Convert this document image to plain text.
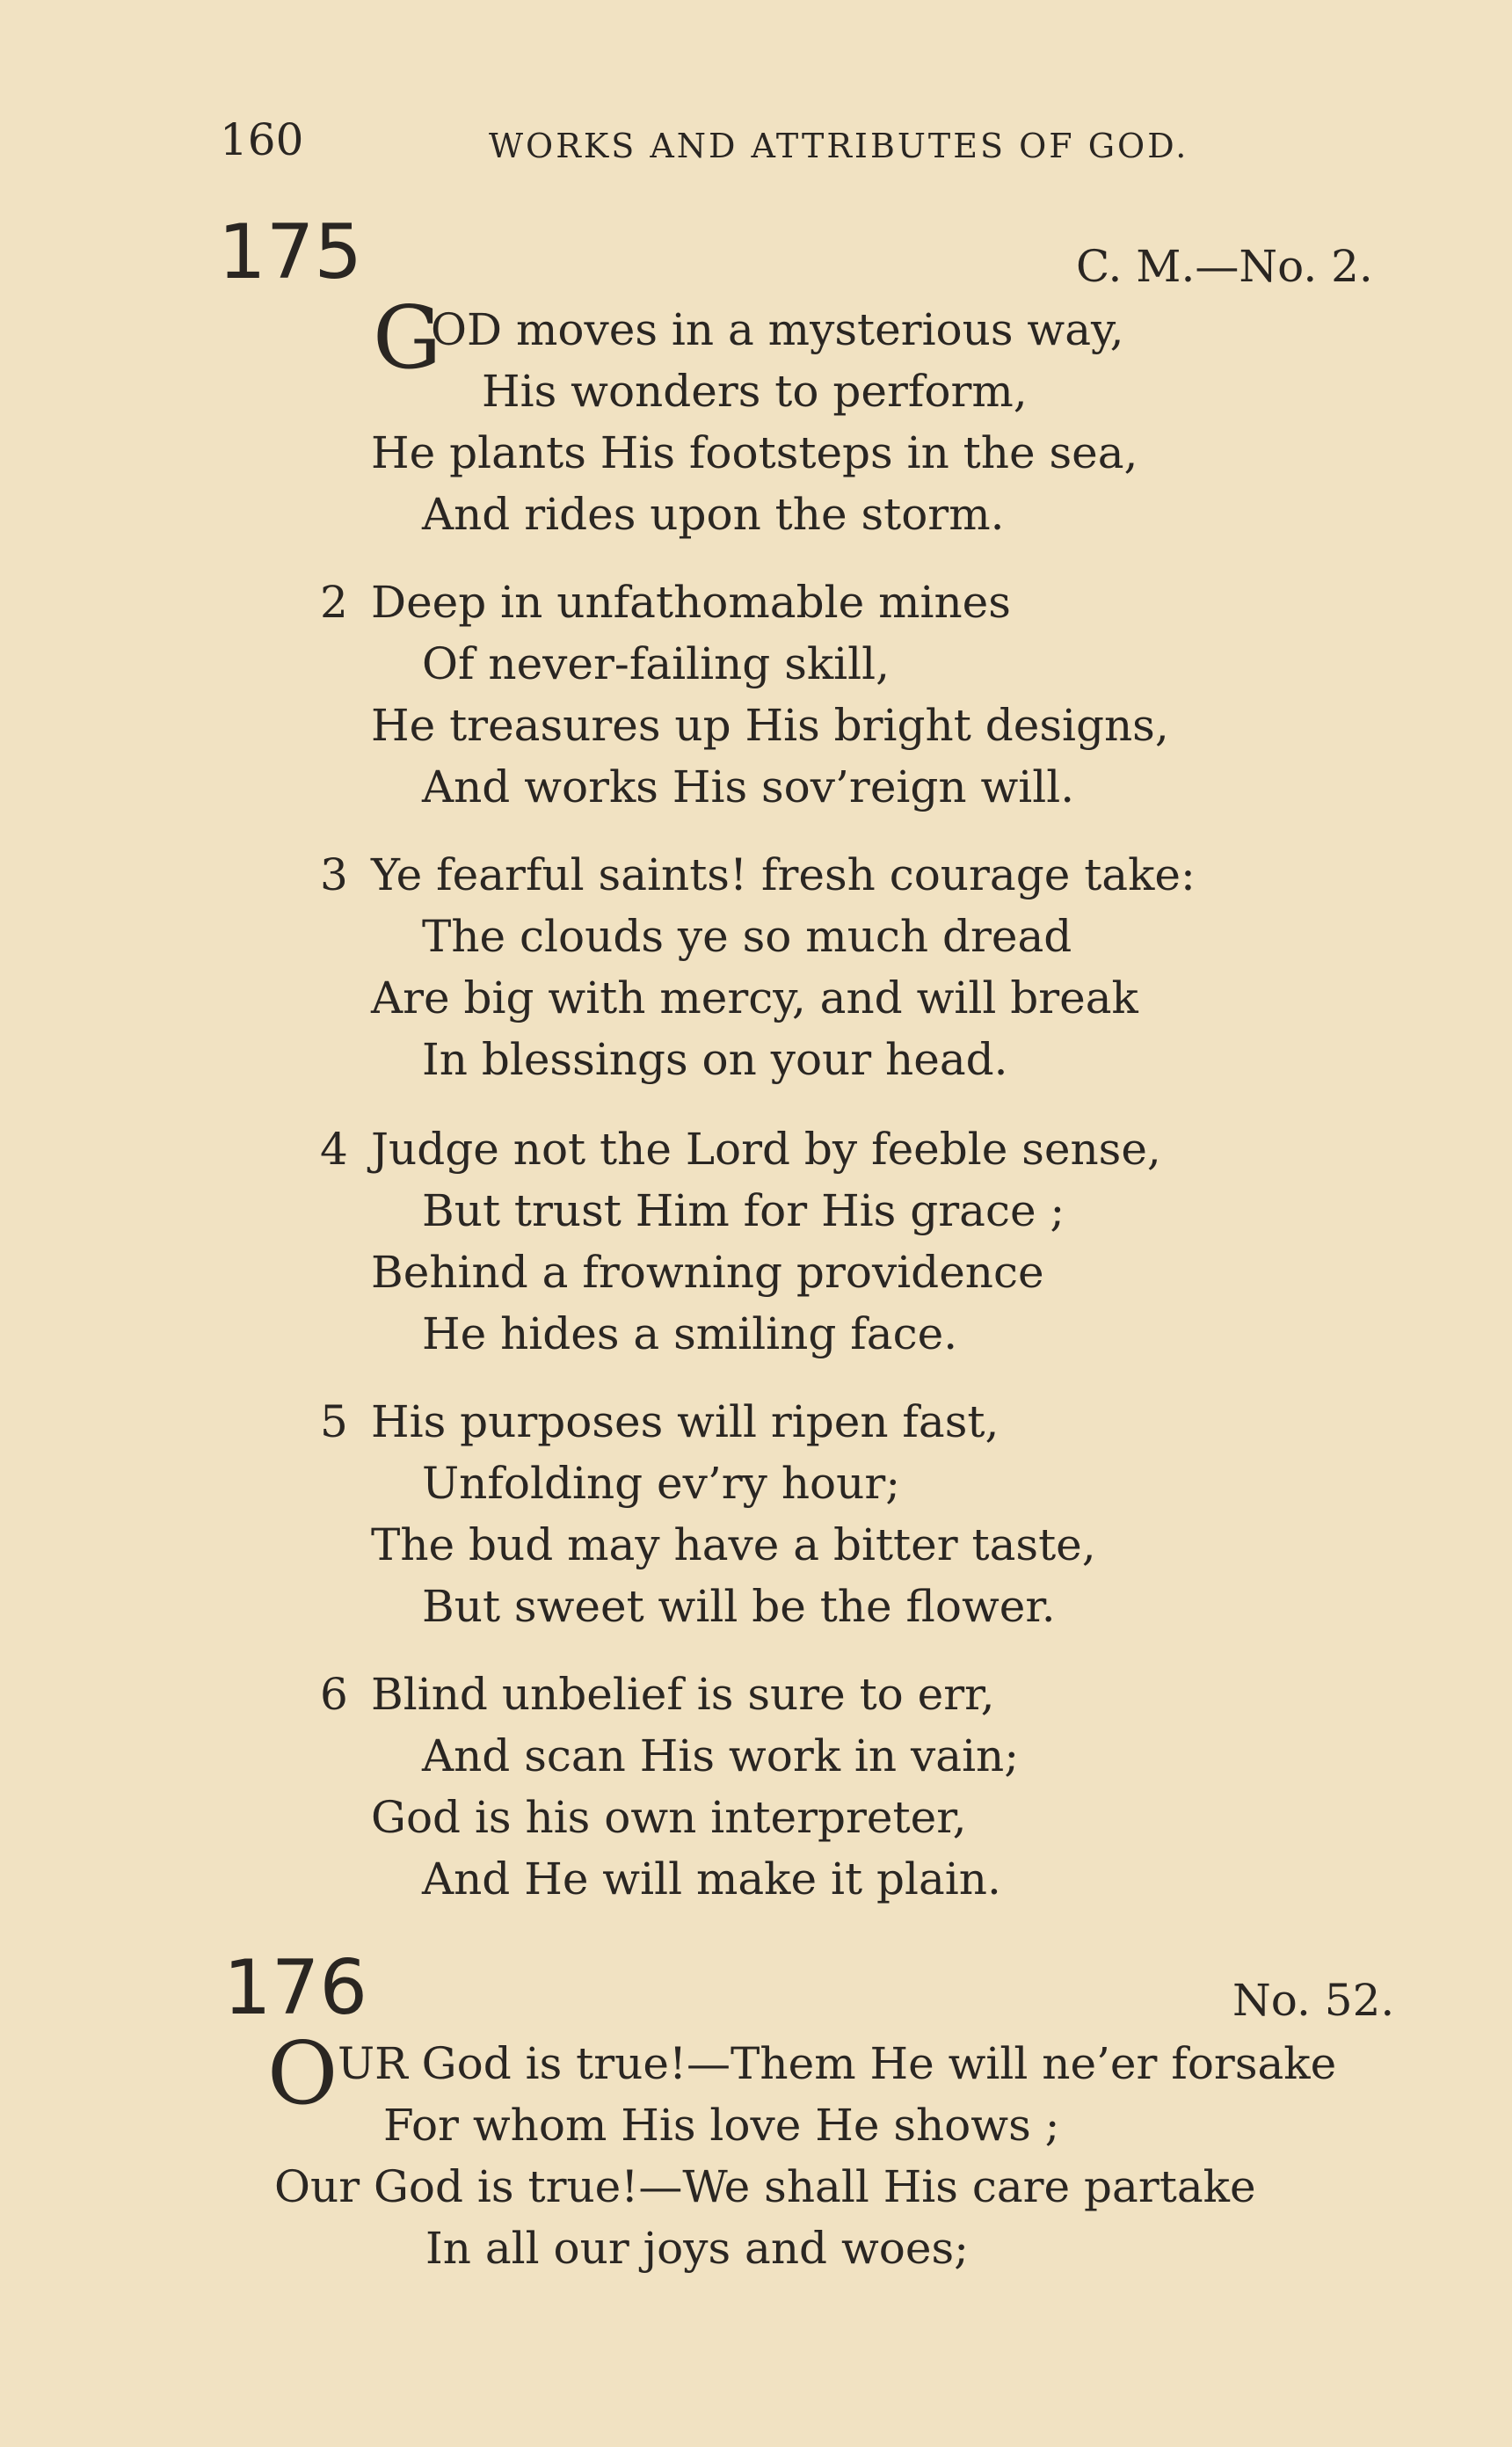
160	WORKS AND ATTRIBUTES OF GOD.
175	C. M.—No. 2.
G
OD moves in a mysterious way,
His wonders to perform,
He plants His footsteps in the sea,
And rides upon the storm.
2 Deep in unfathomable mines
Of never-failing skill,
He treasures up His bright designs,
And works His sov’reign will.
3 Ye fearful saints! fresh courage take:
The clouds ye so much dread
Are big with mercy, and will break
In blessings on your head.
4 Judge not the Lord by feeble sense,
But trust Him for His grace ;
Behind a frowning providence
He hides a smiling face.
5 His purposes will ripen fast,
Unfolding ev’ry hour;
The bud may have a bitter taste,
But sweet will be the flower.
6 Blind unbelief is sure to err,
And scan His work in vain;
God is his own interpreter,
And He will make it plain.
176	No. 52.
O UR God is true!—Them He will ne’er forsake
For whom His love He shows ;
Our God is true!—We shall His care partake
In all our joys and woes;
